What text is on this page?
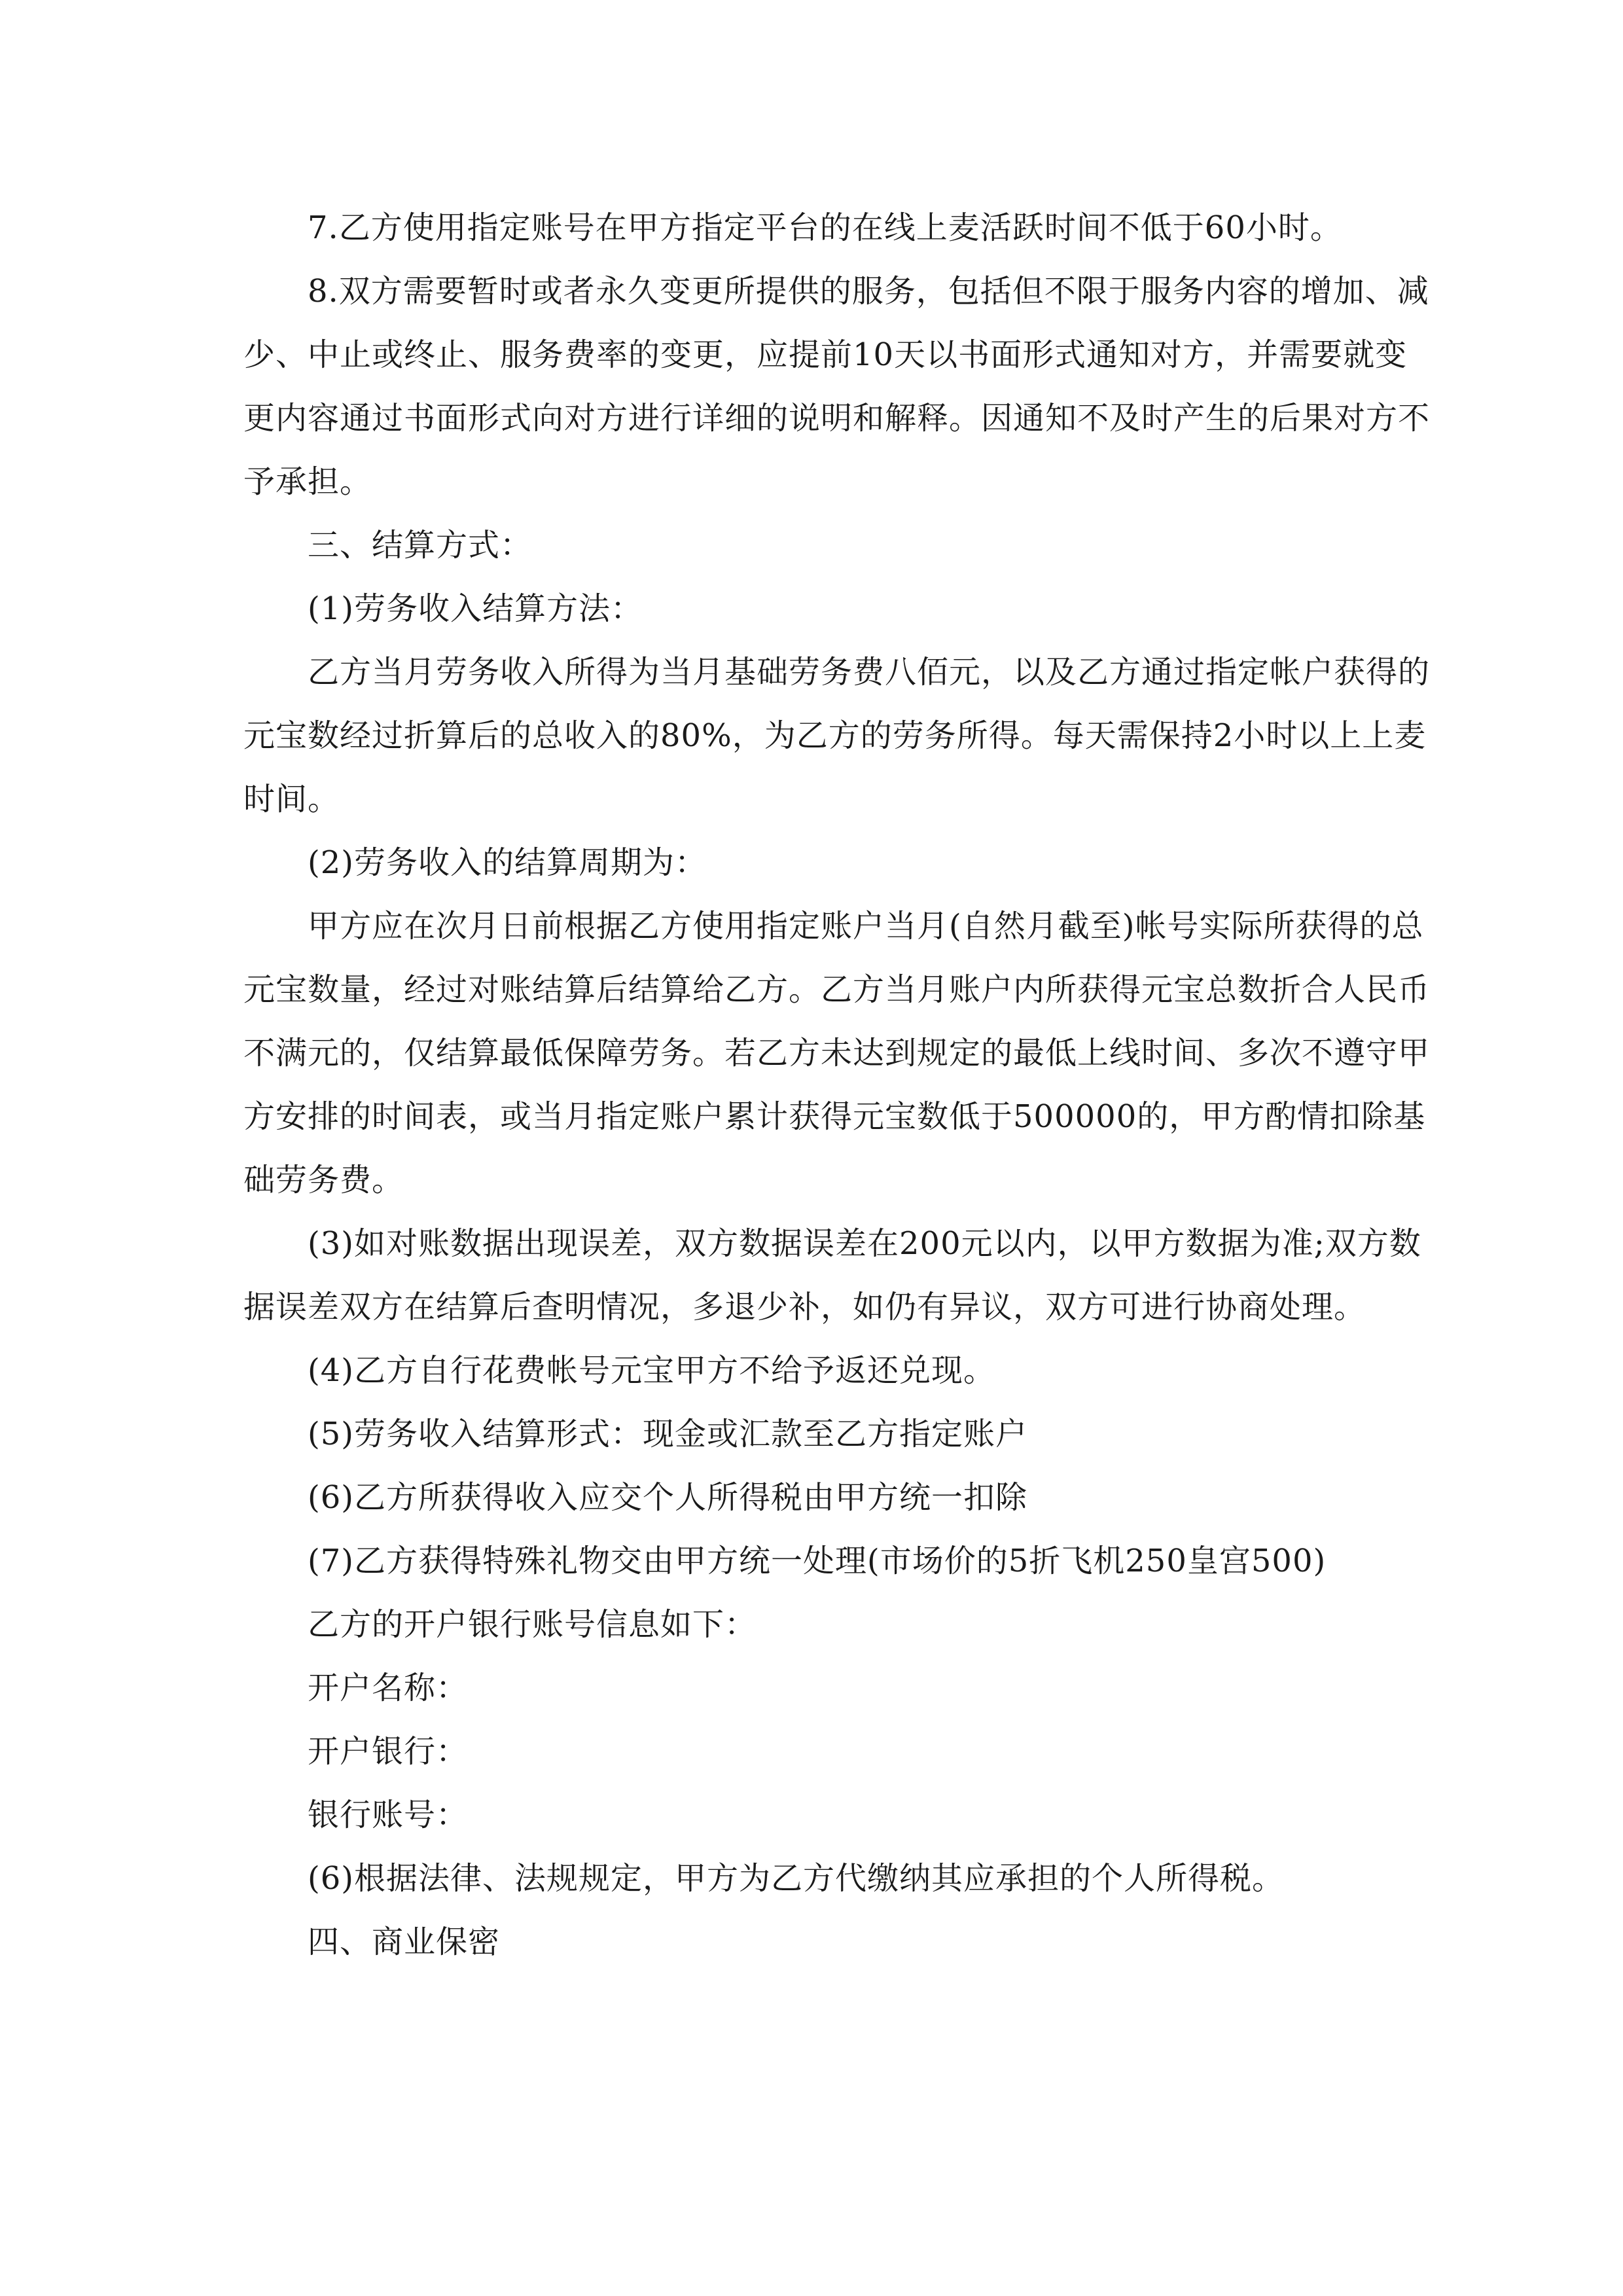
7.乙方使用指定账号在甲方指定平台的在线上麦活跃时间不低于60小时。

8.双方需要暂时或者永久变更所提供的服务，包括但不限于服务内容的增加、减少、中止或终止、服务费率的变更，应提前10天以书面形式通知对方，并需要就变更内容通过书面形式向对方进行详细的说明和解释。因通知不及时产生的后果对方不予承担。

三、结算方式：

(1)劳务收入结算方法：

乙方当月劳务收入所得为当月基础劳务费八佰元，以及乙方通过指定帐户获得的元宝数经过折算后的总收入的80%，为乙方的劳务所得。每天需保持2小时以上上麦时间。

(2)劳务收入的结算周期为：

甲方应在次月日前根据乙方使用指定账户当月(自然月截至)帐号实际所获得的总元宝数量，经过对账结算后结算给乙方。乙方当月账户内所获得元宝总数折合人民币不满元的，仅结算最低保障劳务。若乙方未达到规定的最低上线时间、多次不遵守甲方安排的时间表，或当月指定账户累计获得元宝数低于500000的，甲方酌情扣除基础劳务费。

(3)如对账数据出现误差，双方数据误差在200元以内，以甲方数据为准;双方数据误差双方在结算后查明情况，多退少补，如仍有异议，双方可进行协商处理。

(4)乙方自行花费帐号元宝甲方不给予返还兑现。

(5)劳务收入结算形式：现金或汇款至乙方指定账户

(6)乙方所获得收入应交个人所得税由甲方统一扣除

(7)乙方获得特殊礼物交由甲方统一处理(市场价的5折飞机250皇宫500)

乙方的开户银行账号信息如下：

开户名称：

开户银行：

银行账号：

(6)根据法律、法规规定，甲方为乙方代缴纳其应承担的个人所得税。

四、商业保密
